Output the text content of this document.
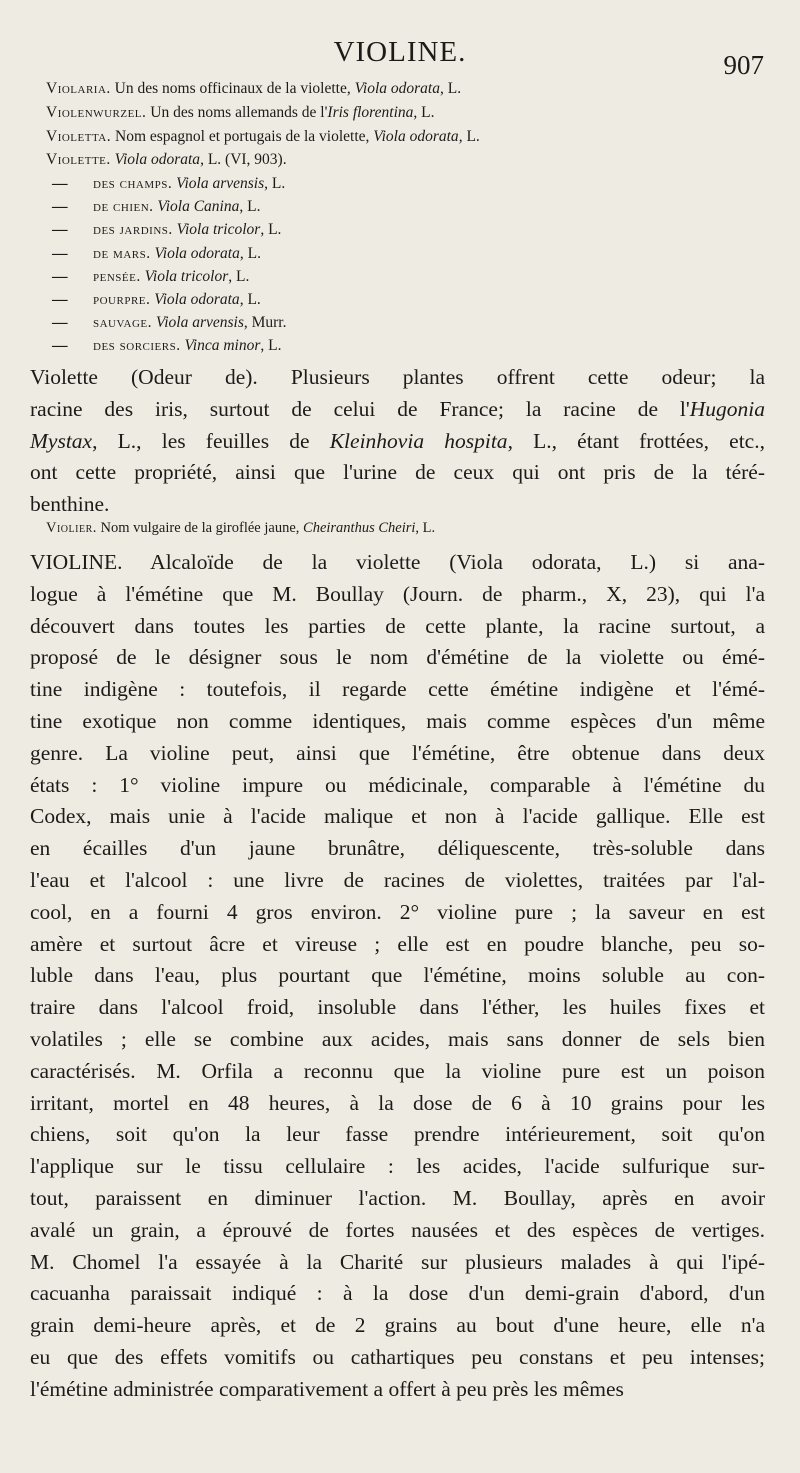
VIOLINE.	907
Violaria. Un des noms officinaux de la violette, Viola odorata, L.
Violenwurzel. Un des noms allemands de l'Iris florentina, L.
Violetta. Nom espagnol et portugais de la violette, Viola odorata, L.
Violette. Viola odorata, L. (VI, 903).
— des champs. Viola arvensis, L.
— de chien. Viola Canina, L.
— des jardins. Viola tricolor, L.
— de mars. Viola odorata, L.
— pensée. Viola tricolor, L.
— pourpre. Viola odorata, L.
— sauvage. Viola arvensis, Murr.
— des sorciers. Vinca minor, L.
Violette (Odeur de). Plusieurs plantes offrent cette odeur; la
racine des iris, surtout de celui de France; la racine de l'Hugonia
Mystax, L., les feuilles de Kleinhovia hospita, L., étant frottées, etc.,
ont cette propriété, ainsi que l'urine de ceux qui ont pris de la téré-
benthine.
Violier. Nom vulgaire de la giroflée jaune, Cheiranthus Cheiri, L.
VIOLINE. Alcaloïde de la violette (Viola odorata, L.) si ana-
logue à l'émétine que M. Boullay (Journ. de pharm., X, 23), qui l'a
découvert dans toutes les parties de cette plante, la racine surtout, a
proposé de le désigner sous le nom d'émétine de la violette ou émé-
tine indigène : toutefois, il regarde cette émétine indigène et l'émé-
tine exotique non comme identiques, mais comme espèces d'un même
genre. La violine peut, ainsi que l'émétine, être obtenue dans deux
états : 1° violine impure ou médicinale, comparable à l'émétine du
Codex, mais unie à l'acide malique et non à l'acide gallique. Elle est
en écailles d'un jaune brunâtre, déliquescente, très-soluble dans
l'eau et l'alcool : une livre de racines de violettes, traitées par l'al-
cool, en a fourni 4 gros environ. 2° violine pure ; la saveur en est
amère et surtout âcre et vireuse ; elle est en poudre blanche, peu so-
luble dans l'eau, plus pourtant que l'émétine, moins soluble au con-
traire dans l'alcool froid, insoluble dans l'éther, les huiles fixes et
volatiles ; elle se combine aux acides, mais sans donner de sels bien
caractérisés. M. Orfila a reconnu que la violine pure est un poison
irritant, mortel en 48 heures, à la dose de 6 à 10 grains pour les
chiens, soit qu'on la leur fasse prendre intérieurement, soit qu'on
l'applique sur le tissu cellulaire : les acides, l'acide sulfurique sur-
tout, paraissent en diminuer l'action. M. Boullay, après en avoir
avalé un grain, a éprouvé de fortes nausées et des espèces de vertiges.
M. Chomel l'a essayée à la Charité sur plusieurs malades à qui l'ipé-
cacuanha paraissait indiqué : à la dose d'un demi-grain d'abord, d'un
grain demi-heure après, et de 2 grains au bout d'une heure, elle n'a
eu que des effets vomitifs ou cathartiques peu constans et peu intenses;
l'émétine administrée comparativement a offert à peu près les mêmes
